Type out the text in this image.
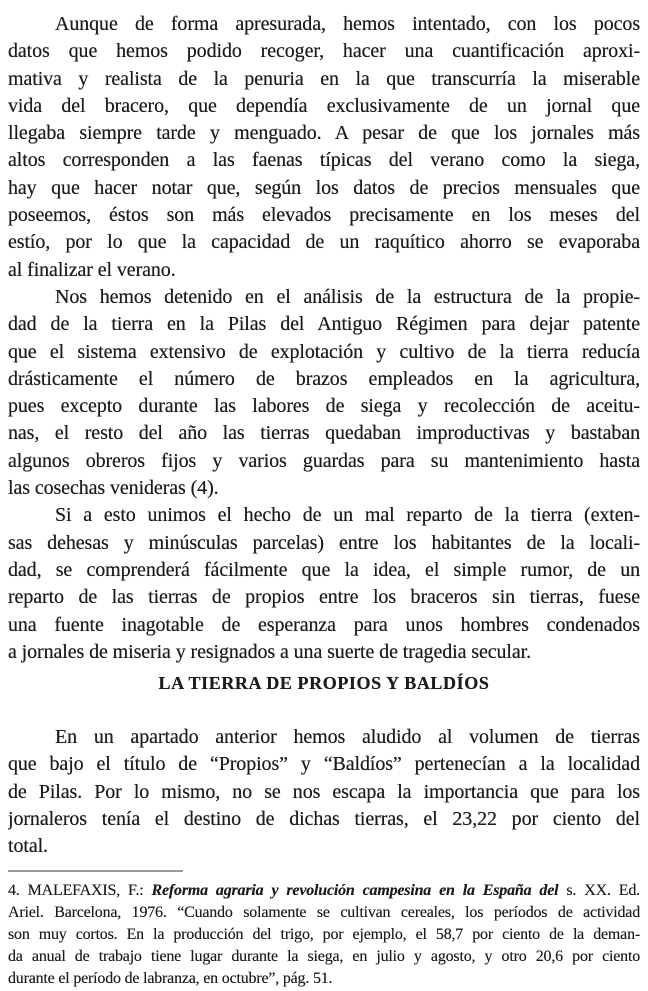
Aunque de forma apresurada, hemos intentado, con los pocos
datos que hemos podido recoger, hacer una cuantificación aproxi-
mativa y realista de la penuria en la que transcurría la miserable
vida del bracero, que dependía exclusivamente de un jornal que
llegaba siempre tarde y menguado. A pesar de que los jornales más
altos corresponden a las faenas típicas del verano como la siega,
hay que hacer notar que, según los datos de precios mensuales que
poseemos, éstos son más elevados precisamente en los meses del
estío, por lo que la capacidad de un raquítico ahorro se evaporaba
al finalizar el verano.
Nos hemos detenido en el análisis de la estructura de la propie-
dad de la tierra en la Pilas del Antiguo Régimen para dejar patente
que el sistema extensivo de explotación y cultivo de la tierra reducía
drásticamente el número de brazos empleados en la agricultura,
pues excepto durante las labores de siega y recolección de aceitu-
nas, el resto del año las tierras quedaban improductivas y bastaban
algunos obreros fijos y varios guardas para su mantenimiento hasta
las cosechas venideras (4).
Si a esto unimos el hecho de un mal reparto de la tierra (exten-
sas dehesas y minúsculas parcelas) entre los habitantes de la locali-
dad, se comprenderá fácilmente que la idea, el simple rumor, de un
reparto de las tierras de propios entre los braceros sin tierras, fuese
una fuente inagotable de esperanza para unos hombres condenados
a jornales de miseria y resignados a una suerte de tragedia secular.
LA TIERRA DE PROPIOS Y BALDÍOS
En un apartado anterior hemos aludido al volumen de tierras
que bajo el título de “Propios” y “Baldíos” pertenecían a la localidad
de Pilas. Por lo mismo, no se nos escapa la importancia que para los
jornaleros tenía el destino de dichas tierras, el 23,22 por ciento del
total.
4. MALEFAXIS, F.: Reforma agraria y revolución campesina en la España del s. XX. Ed.
Ariel. Barcelona, 1976. “Cuando solamente se cultivan cereales, los períodos de actividad
son muy cortos. En la producción del trigo, por ejemplo, el 58,7 por ciento de la deman-
da anual de trabajo tiene lugar durante la siega, en julio y agosto, y otro 20,6 por ciento
durante el período de labranza, en octubre”, pág. 51.
